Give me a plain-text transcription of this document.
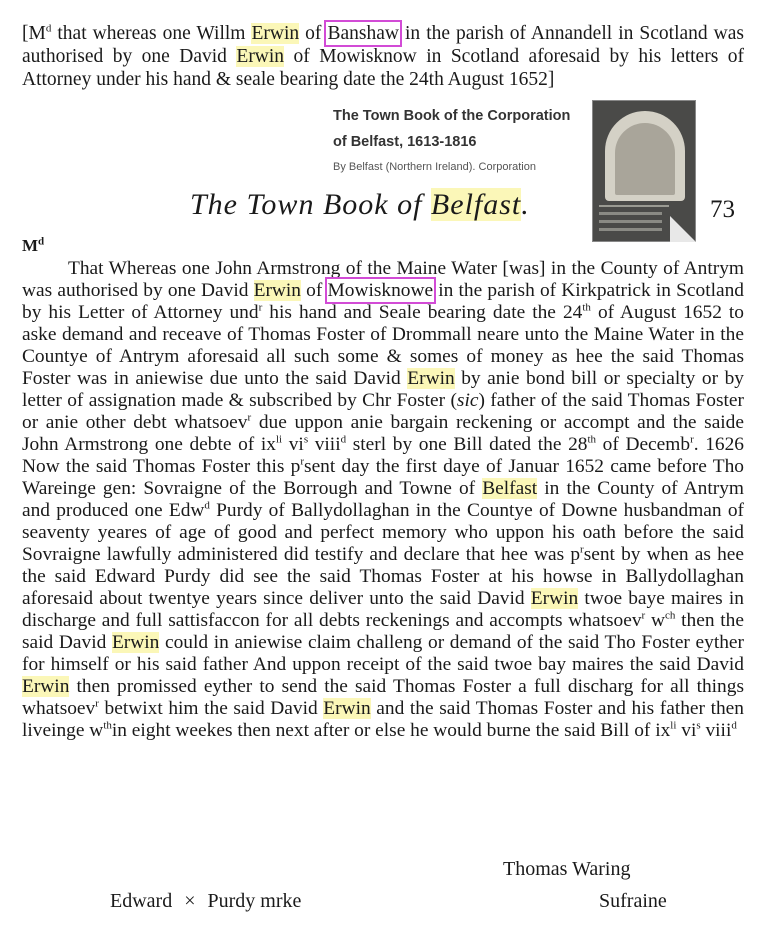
[$M^d$ that whereas one Willm Erwin of Banshaw in the parish of Annandell in Scotland was authorised by one David Erwin of Mowisknow in Scotland aforesaid by his letters of Attorney under his hand & seale bearing date the 24th August 1652]
The Town Book of the Corporation
of Belfast, 1613-1816
By Belfast (Northern Ireland). Corporation
The Town Book of Belfast.	73
$M^d$
That Whereas one John Armstrong of the Maine Water [was] in the County of Antrym was authorised by one David Erwin of Mowisknowe in the parish of Kirkpatrick in Scotland by his Letter of Attorney und$^r$ his hand and Seale bearing date the 24th of August 1652 to aske demand and receave of Thomas Foster of Drommall neare unto the Maine Water in the Countye of Antrym aforesaid all such some & somes of money as hee the said Thomas Foster was in aniewise due unto the said David Erwin by anie bond bill or specialty or by letter of assignation made & subscribed by Chr Foster (sic) father of the said Thomas Foster or anie other debt whatsoev$^r$ due uppon anie bargain reckening or accompt and the saide John Armstrong one debte of $ix^{li}$ $vi^s$ viii$^d$ sterl by one Bill dated the 28th of Decemb$^r$. 1626 Now the said Thomas Foster this $p^rsent$ day the first daye of Januar 1652 came before Tho Wareinge gen: Sovraigne of the Borrough and Towne of Belfast in the County of Antrym and produced one Edw$^d$ Purdy of Ballydollaghan in the Countye of Downe husbandman of seaventy yeares of age of good and perfect memory who uppon his oath before the said Sovraigne lawfully administered did testify and declare that hee was $p^rsent$ by when as hee the said Edward Purdy did see the said Thomas Foster at his howse in Ballydollaghan aforesaid about twentye years since deliver unto the said David Erwin twoe baye maires in discharge and full sattisfaccon for all debts reckenings and accompts whatsoev$^r$ $w^{ch}$ then the said David Erwin could in aniewise claim challeng or demand of the said Tho Foster eyther for himself or his said father And uppon receipt of the said twoe bay maires the said David Erwin then promissed eyther to send the said Thomas Foster a full discharg for all things whatsoev$^r$ betwixt him the said David Erwin and the said Thomas Foster and his father then liveinge $w^{th}in$ eight weekes then next after or else he would burne the said Bill of $ix^{li}$ $vi^s$ viii$^d$
Thomas Waring
Edward × Purdy mrke	Sufraine
